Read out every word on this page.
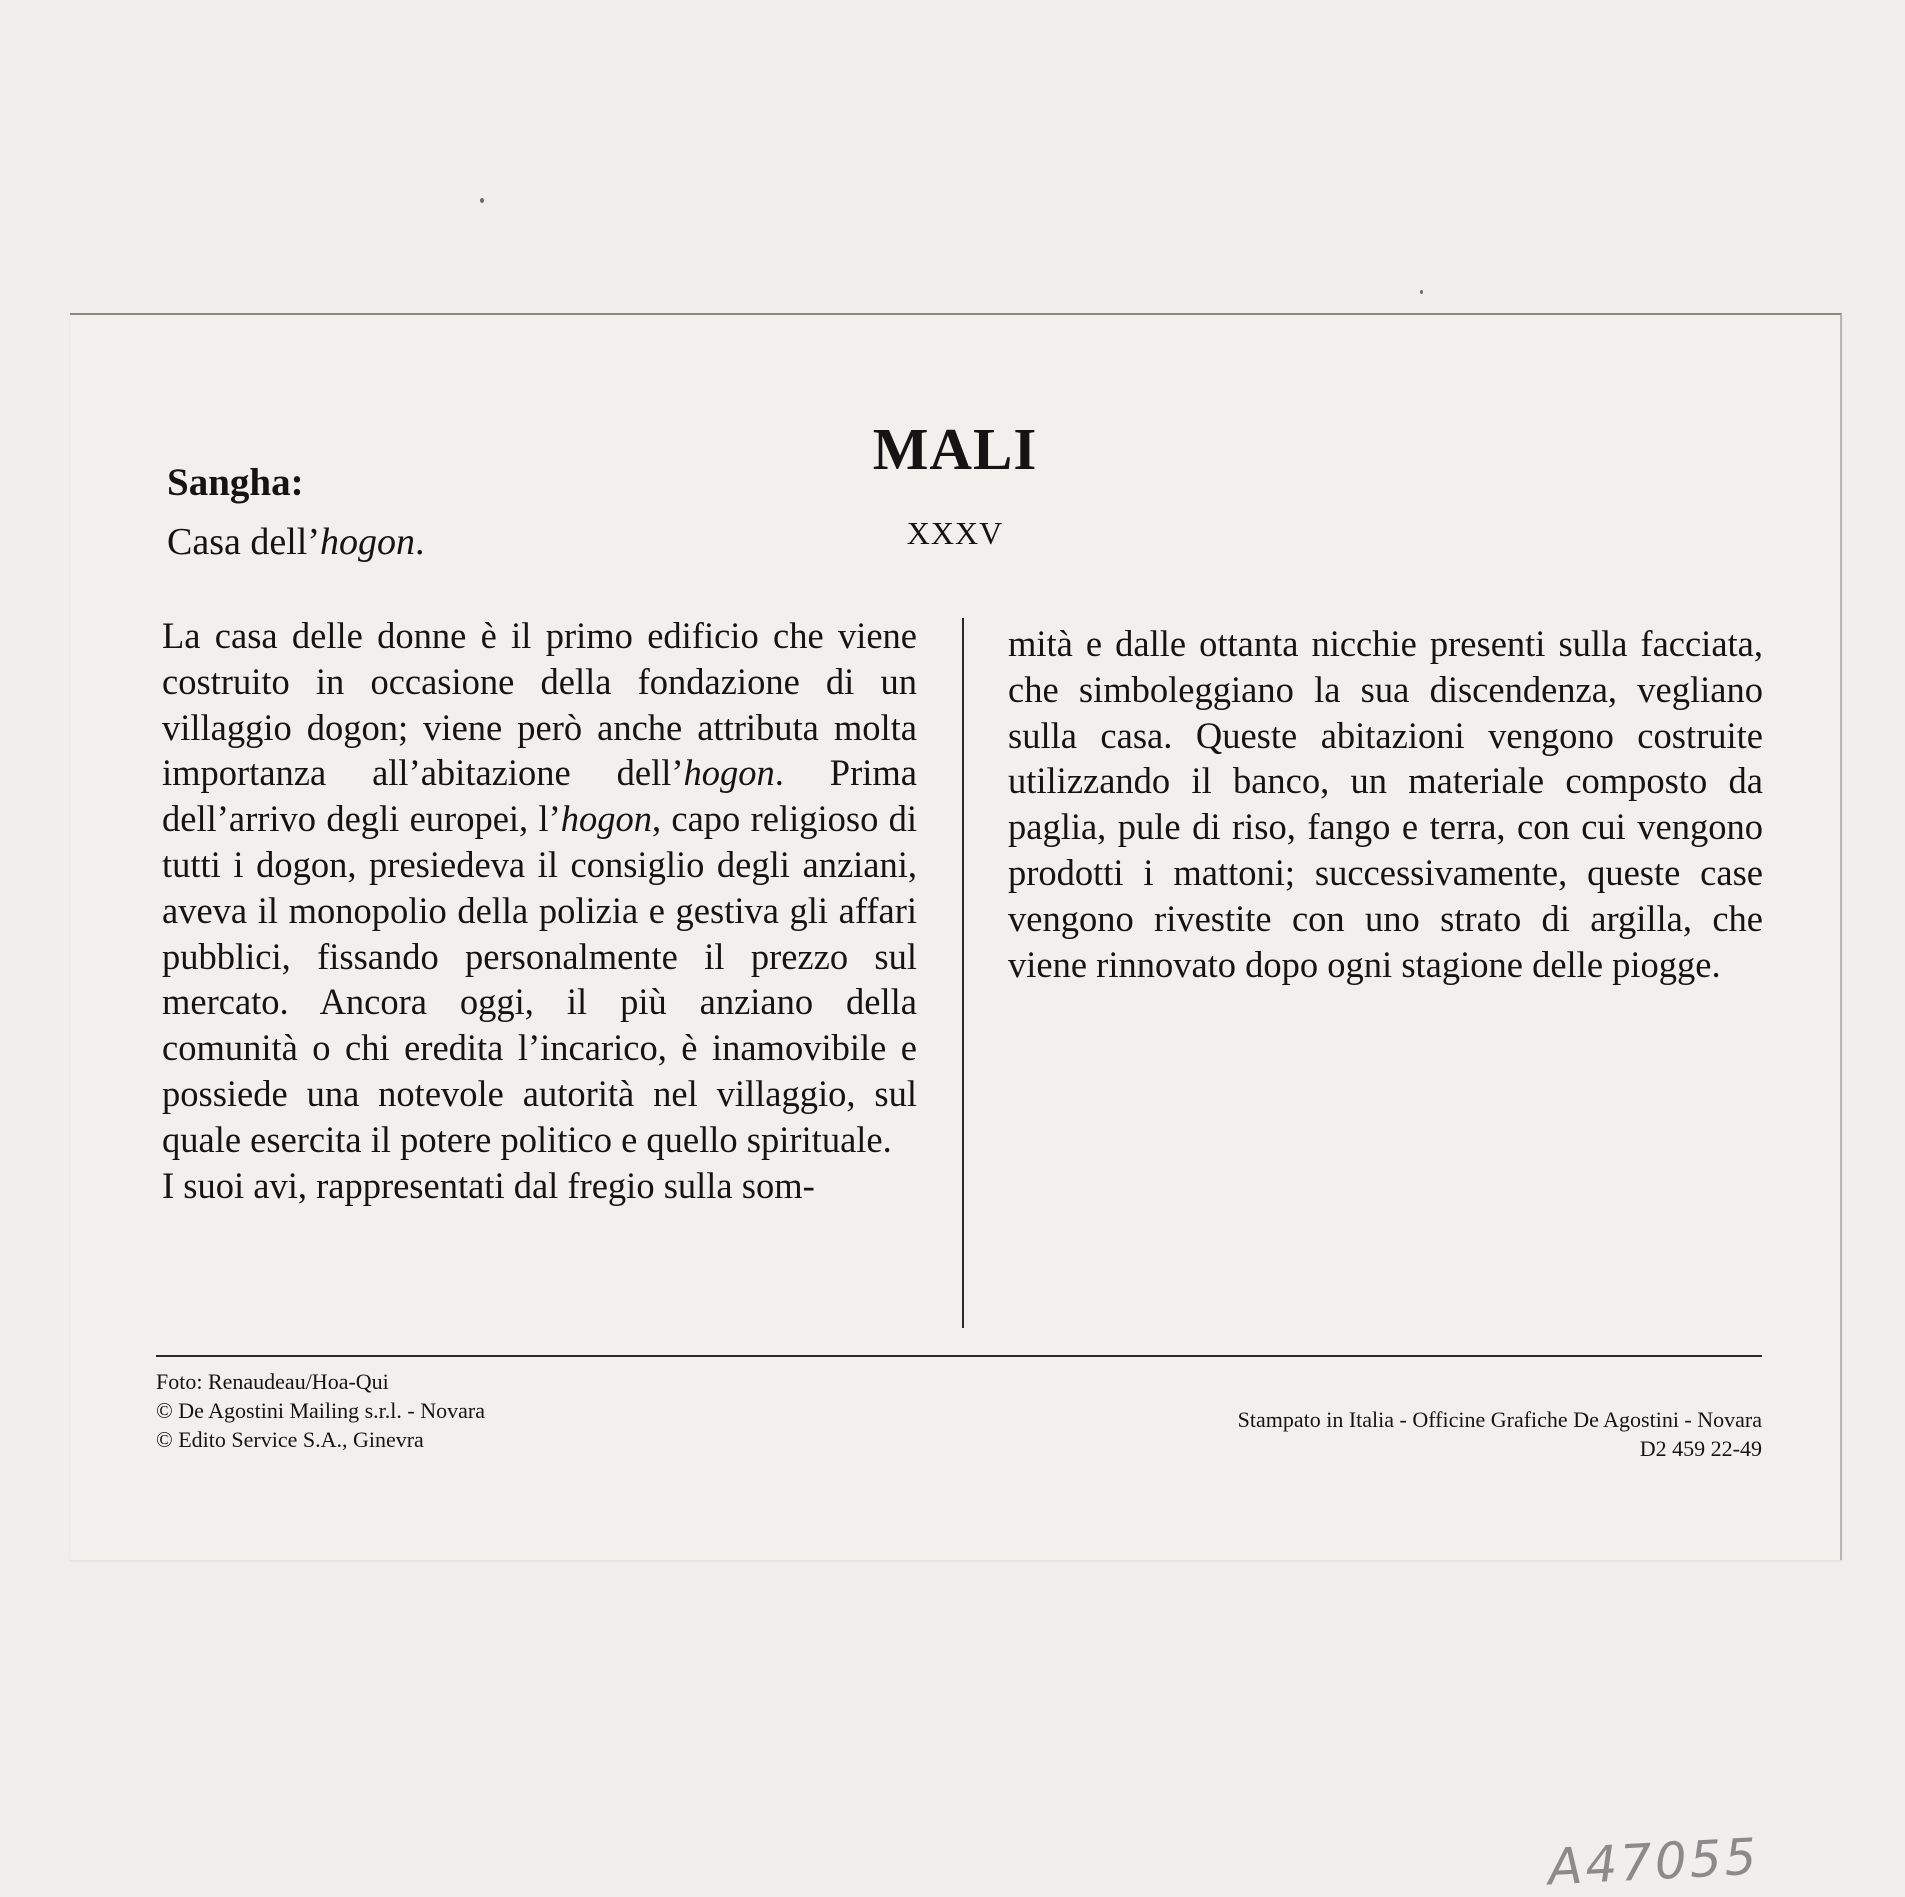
MALI
XXXV
Sangha:
Casa dell’hogon.

La casa delle donne è il primo edificio che viene costruito in occasione della fondazione di un villaggio dogon; viene però anche attributa molta importanza all’abitazione dell’hogon. Prima dell’arrivo degli europei, l’hogon, capo religioso di tutti i dogon, presiedeva il consiglio degli anziani, aveva il monopolio della polizia e gestiva gli affari pubblici, fissando personalmente il prezzo sul mercato. Ancora oggi, il più anziano della comunità o chi eredita l’incarico, è inamovibile e possiede una notevole autorità nel villaggio, sul quale esercita il potere politico e quello spirituale.

I suoi avi, rappresentati dal fregio sulla som-

mità e dalle ottanta nicchie presenti sulla facciata, che simboleggiano la sua discendenza, vegliano sulla casa. Queste abitazioni vengono costruite utilizzando il banco, un materiale composto da paglia, pule di riso, fango e terra, con cui vengono prodotti i mattoni; successivamente, queste case vengono rivestite con uno strato di argilla, che viene rinnovato dopo ogni stagione delle piogge.

Foto: Renaudeau/Hoa-Qui
© De Agostini Mailing s.r.l. - Novara
© Edito Service S.A., Ginevra
Stampato in Italia - Officine Grafiche De Agostini - Novara
D2 459 22-49
A47055
